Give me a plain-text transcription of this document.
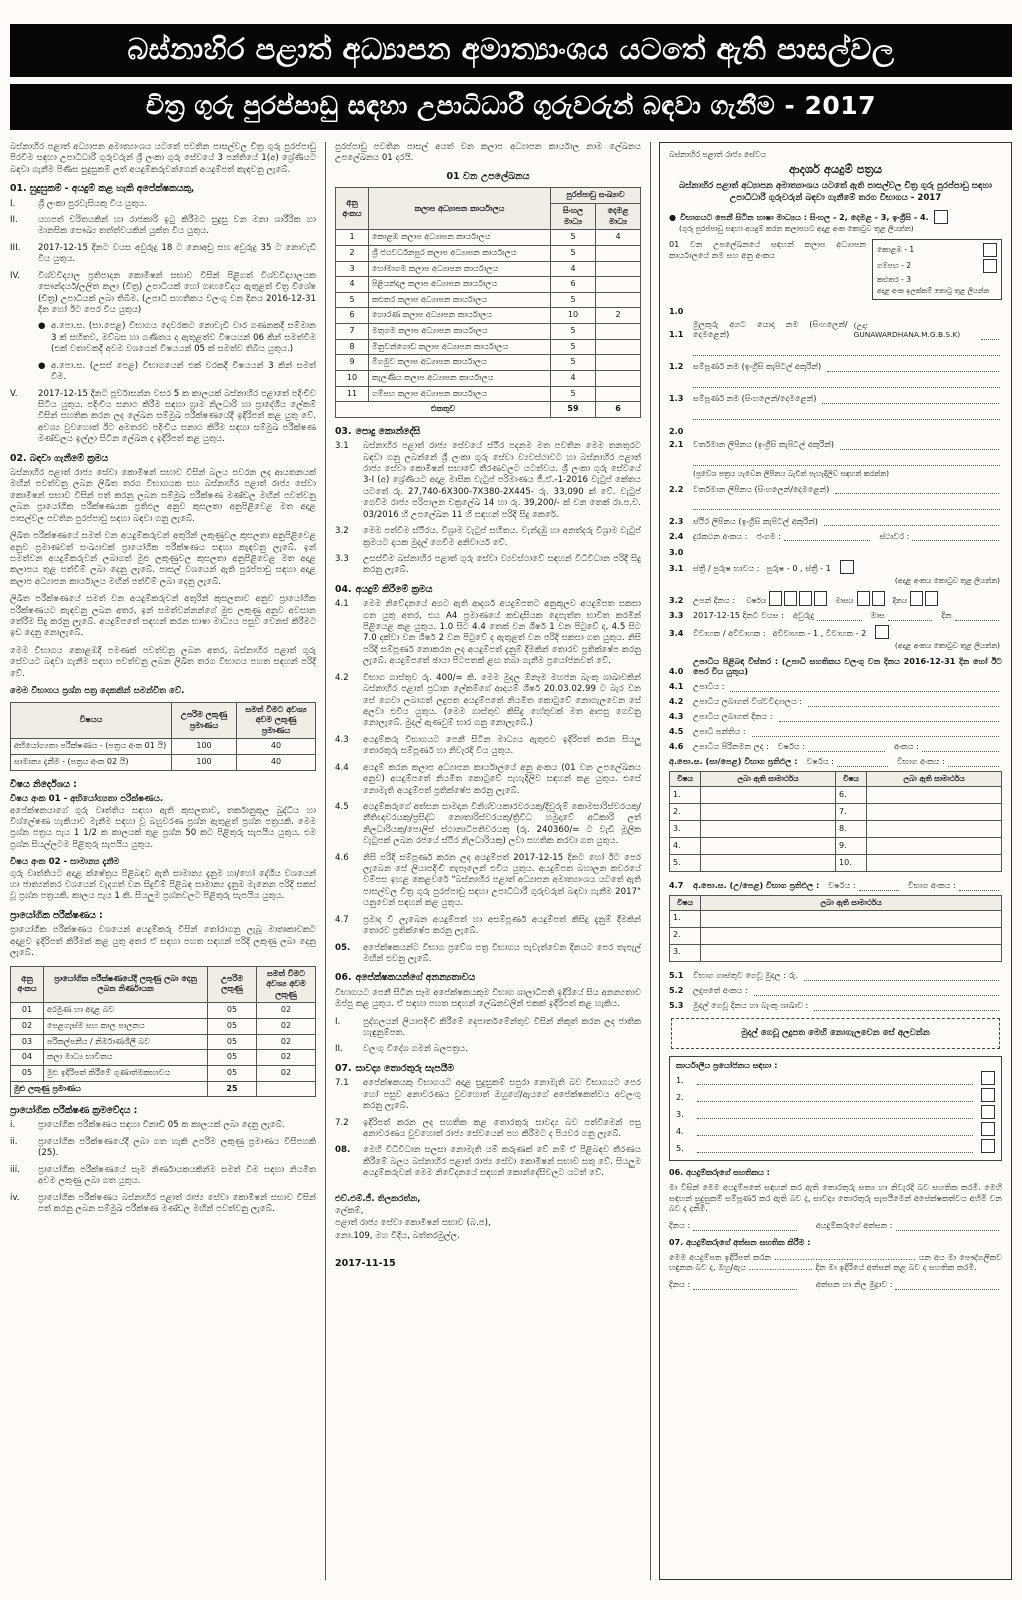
බස්නාහිර පළාත් අධ්‍යාපන අමාත්‍යාංශය යටතේ ඇති පාසල්වල
චිත්‍ර ගුරු පුරප්පාඩු සඳහා උපාධිධාරී ගුරුවරුන් බඳවා ගැනීම - 2017

බස්නාහිර පළාත් අධ්‍යාපන අමාත්‍යාංශය යටතේ පවතින පාසල්වල චිත්‍ර ගුරු පුරප්පාඩු පිරවීම සඳහා උපාධිධාරී ගුරුවරුන් ශ්‍රී ලංකා ගුරු සේවයේ 3 පන්තියේ 1(අ) ශ්‍රේණියට බඳවා ගැනීම පිණිස සුදුසුකම් ලත් අයදුම්කරුවන්ගෙන් අයදුම්පත් කැඳවනු ලැබේ.

01. සුදුසුකම් - අයදුම් කළ හැකි අපේක්ෂකයකු,
I.	ශ්‍රී ලංකා පුරවැසියකු විය යුතුය.
II.	යහපත් චරිතයකින් හා රාජකාරි ඉටු කිරීමට සුදුසු වන මනා ශාරීරික හා මානසික සෞඛ්‍ය තත්ත්වයකින් යුක්ත විය යුතුය.
III.	2017-12-15 දිනට වයස අවුරුදු 18 ට නොඅඩු සහ අවුරුදු 35 ට නොවැඩි විය යුතුය.
IV.	විශ්වවිද්‍යාල ප්‍රතිපාදන කොමිෂන් සභාව විසින් පිළිගත් විශ්වවිද්‍යාලයක සෞන්දර්ය/ලලිත කලා (චිත්‍ර) උපාධියක් හෝ ගෘහවේදය ඇතුළත් චිත්‍ර විශේෂ (චිත්‍ර) උපාධියක් ලබා තිබීම. (උපාධි සහතිකය වලංගු වන දිනය 2016-12-31 දින හෝ ඊට පෙර විය යුතුය)
● අ.පො.ස. (සා.පෙළ) විභාගය දෙවරකට නොවැඩි වාර ගණනකදී සම්මාන 3 ක් සහිතව, මව්බස හා ගණිතය ද ඇතුළත්ව විෂයයන් 06 කින් සමත්වීම (එක් වතාවකදී අවම වශයෙන් විෂයයන් 05 ක් සමත්ව තිබිය යුතුය.)
● අ.පො.ස. (උසස් පෙළ) විභාගයෙන් එක් වරකදී විෂයයන් 3 කින් සමත් වීම.
V.	2017-12-15 දිනට පූර්වාසන්න වසර 5 ක කාලයක් බස්නාහිර පළාතේ පදිංචිව සිටිය යුතුය. පදිංචිය සනාථ කිරීම සඳහා ග්‍රාම නිලධාරි හා ප්‍රාදේශීය ලේකම් විසින් සහතික කරන ලද ලේඛන සම්මුඛ පරීක්ෂණයේදී ඉදිරිපත් කළ යුතු වේ. අවශ්‍ය වුවහොත් ඊට අමතරව පදිංචිය සනාථ කිරීම සඳහා සම්මුඛ පරීක්ෂණ මණ්ඩලය ඉල්ලා සිටින ලේඛන ද ඉදිරිපත් කළ යුතුය.
02. බඳවා ගැනීමේ ක්‍රමය

බස්නාහිර පළාත් රාජ්‍ය සේවා කොමිෂන් සභාව විසින් බලය පවරන ලද ආයතනයක් මඟින් පවත්වනු ලබන ලිඛිත තරග විභාගයක සහ බස්නාහිර පළාත් රාජ්‍ය සේවා කොමිෂන් සභාව විසින් පත් කරනු ලබන සම්මුඛ පරීක්ෂණ මණ්ඩල මඟින් පවත්වනු ලබන ප්‍රායෝගික පරීක්ෂණයක ප්‍රතිඵල අනුව කුසලතා අනුපිළිවෙළ මත අදාළ පාසල්වල පවතින පුරප්පාඩු සඳහා බඳවා ගනු ලැබේ.

ලිඛිත පරීක්ෂණයේ සමත් වන අයදුම්කරුවන් අතුරින් ලකුණුවල කුසලතා අනුපිළිවෙළ අනුව ප්‍රමාණවත් සංඛ්‍යාවක් ප්‍රායෝගික පරීක්ෂණය සඳහා කැඳවනු ලැබේ. ඉන් සමත්වන අයදුම්කරුවන් ලබාගත් මුළු ලකුණුවල කුසලතා අනුපිළිවෙළ මත අදාළ කලාපය තුළ පත්වීම් ලබා දෙනු ලැබේ. පාසල් වශයෙන් ඇති පුරප්පාඩු සඳහා අදාළ කලාප අධ්‍යාපන කාර්යාලය මඟින් පත්වීම් ලබා දෙනු ලැබේ.

ලිඛිත පරීක්ෂණයේ සමත් වන අයදුම්කරුවන් අතුරින් කුසලතාව අනුව ප්‍රායෝගික පරීක්ෂණයට කැඳවනු ලබන අතර, ඉන් සමත්වන්නන්ගේ මුළු ලකුණු අනුව අවසාන තේරීම සිදු කරනු ලැබේ. අයදුම්පතේ සඳහන් කරන භාෂා මාධ්‍යය පසුව වෙනස් කිරීමට ඉඩ දෙනු නොලැබේ.

මෙම විභාගය කොළඹදී පමණක් පවත්වනු ලබන අතර, බස්නාහිර පළාත් ගුරු සේවයට බඳවා ගැනීම සඳහා පවත්වනු ලබන ලිඛිත තරග විභාගය පහත සඳහන් පරිදි වේ.

මෙම විභාගය ප්‍රශ්න පත්‍ර දෙකකින් සමන්විත වේ.
විෂයය	උපරිම ලකුණු ප්‍රමාණය	සමත් වීමට අවශ්‍ය අවම ලකුණු ප්‍රමාණය
අභියෝග්‍යතා පරීක්ෂණය - (පත්‍රය අංක 01 යි)	100	40
සාමාන්‍ය දැනීම - (පත්‍රය අංක 02 යි)	100	40
විෂය නිර්දේශය :
විෂය අංක 01 - අභියෝග්‍යතා පරීක්ෂණය.

අපේක්ෂකයාගේ ගුරු වෘත්තිය සඳහා ඇති කුසලතාව, තර්කානුකූල බුද්ධිය හා විශ්ලේෂණ හැකියාව මැනීම සඳහා වූ බහුවරණ ප්‍රශ්න ඇතුළත් ප්‍රශ්න පත්‍රයකි. මෙම ප්‍රශ්න පත්‍රය පැය 1 1/2 ක කාලයක් තුළ ප්‍රශ්න 50 කට පිළිතුරු සැපයිය යුතුය. එම ප්‍රශ්න සියල්ලටම පිළිතුරු සැපයිය යුතුය.

විෂය අංක 02 - සාමාන්‍ය දැනීම

ගුරු වෘත්තියට අදාළ ක්ෂේත්‍රය පිළිබඳව ඇති සාමාන්‍ය දැනුම හා/හෝ දේශීය වශයෙන් හා ජාත්‍යන්තර වශයෙන් වැදගත් වන සිදුවීම් පිළිබඳ සාමාන්‍ය දැනුම මැනෙන පරිදි සකස් වූ ප්‍රශ්න පත්‍රයකි. කාලය පැය 1 කි. සියලුම ප්‍රශ්නවලට පිළිතුරු සැපයිය යුතුය.

ප්‍රායෝගික පරීක්ෂණය :

ප්‍රායෝගික පරීක්ෂණය වශයෙන් අයදුම්කරු විසින් තෝරාගනු ලැබූ මාතෘකාවකට අදාළව ඉදිරිපත් කිරීමක් කළ යුතු අතර ඒ සඳහා පහත සඳහන් පරිදි ලකුණු ලබා දෙනු ලැබේ.

අනු අංකය	ප්‍රායෝගික පරීක්ෂණයේදී ලකුණු ලබා දෙනු ලබන නිර්ණායක	උපරිම ලකුණු	සමත් වීමට අවශ්‍ය අවම ලකුණු
01	අරමුණ හා අදාළ බව	05	02
02	පෙළගැස්ම සහ කාල පාලනය	05	02
03	පරිකල්පනීය / නිර්මාණශීලී බව	05	02
04	කලා මාධ්‍ය භාවිතය	05	02
05	මුළු ඉදිරිපත් කිරීමේ ගුණාත්මකභාවය	05	02
මුළු ලකුණු ප්‍රමාණය		25	
ප්‍රායෝගික පරීක්ෂණ ක්‍රමවේදය :
i.	ප්‍රායෝගික පරීක්ෂණය සඳහා විනාඩි 05 ක කාලයක් ලබා දෙනු ලැබේ.
ii.	ප්‍රායෝගික පරීක්ෂණයේදී ලබා ගත හැකි උපරිම ලකුණු ප්‍රමාණය විසිපහකි (25).
iii.	ප්‍රායෝගික පරීක්ෂණයේ සෑම නිර්ණායකයකින්ම සමත් වීම සඳහා නියමිත අවම ලකුණු ලබා ගත යුතුය.
iv.	ප්‍රායෝගික පරීක්ෂණය බස්නාහිර පළාත් රාජ්‍ය සේවා කොමිෂන් සභාව විසින් පත් කරනු ලබන සම්මුඛ පරීක්ෂණ මණ්ඩල මඟින් පවත්වනු ලැබේ.

පුරප්පාඩු පවතින පාසල් අයත් වන කලාප අධ්‍යාපන කාර්යාල නාම ලේඛනය උපලේඛනය 01 දරයි.

01 වන උපලේඛනය
අනු අංකය	කලාප අධ්‍යාපන කාර්යාලය	පුරප්පාඩු සංඛ්‍යාව	
		සිංහල මාධ්‍ය	දෙමළ මාධ්‍ය
1	කොළඹ කලාප අධ්‍යාපන කාර්යාලය	5	4
2	ශ්‍රී ජයවර්ධනපුර කලාප අධ්‍යාපන කාර්යාලය	5	
3	හෝමාගම කලාප අධ්‍යාපන කාර්යාලය	4	
4	පිළියන්දල කලාප අධ්‍යාපන කාර්යාලය	6	
5	කළුතර කලාප අධ්‍යාපන කාර්යාලය	5	
6	හොරණ කලාප අධ්‍යාපන කාර්යාලය	10	2
7	මතුගම කලාප අධ්‍යාපන කාර්යාලය	5	
8	මිනුවන්ගොඩ කලාප අධ්‍යාපන කාර්යාලය	5	
9	මීගමුව කලාප අධ්‍යාපන කාර්යාලය	5	
10	කැලණිය කලාප අධ්‍යාපන කාර්යාලය	4	
11	ගම්පහ කලාප අධ්‍යාපන කාර්යාලය	5	
එකතුව		59	6
03. පොදු කොන්දේසි
3.1	බස්නාහිර පළාත් රාජ්‍ය සේවයේ ස්ථිර පදනම මත පවතින මෙම තනතුරට බඳවා ගනු ලබන්නේ ශ්‍රී ලංකා ගුරු සේවා ව්‍යවස්ථාවට හා බස්නාහිර පළාත් රාජ්‍ය සේවා කොමිෂන් සභාවේ තීරණවලට යටත්වය. ශ්‍රී ලංකා ගුරු සේවයේ 3-I (අ) ශ්‍රේණියට අදාළ මාසික වැටුප් පරිමාණය ජී.ඒ.-1-2016 වැටුප් කේතය යටතේ රු. 27,740-6X300-7X380-2X445- රු. 33,090 ක් වේ. වැටුප් ගෙවීම රාජ්‍ය පරිපාලන චක්‍රලේඛ 14 හා රු. 39,200/- ක් වන තෙක් රා.ප.ච. 03/2016 හි උපලේඛන 11 හි සඳහන් පරිදි සිදු කෙරේ.
3.2	මෙම පත්වීම ස්ථිරය. විශ්‍රාම වැටුප් සහිතය. වැන්දඹු හා අනත්දරු විශ්‍රාම වැටුප් ක්‍රමයට දායක මුදල් ගෙවීම අනිවාර්ය වේ.
3.3	උසස්වීම බස්නාහිර පළාත් ගුරු සේවා ව්‍යවස්ථාවේ සඳහන් විධිවිධාන පරිදි සිදු කරනු ලැබේ.
04. අයදුම් කිරීමේ ක්‍රමය
4.1	මෙම නිවේදනයේ අගට ඇති ආදර්ශ අයදුම්පතට අනුකූලව අයදුම්පත සකසා ගත යුතු අතර, එය A4 ප්‍රමාණයේ කඩදාසියක දෙපැත්ත භාවිත කරමින් පිළියෙළ කළ යුතුය. 1.0 සිට 4.4 තෙක් වන ශීර්ෂ 1 වන පිටුවේ ද, 4.5 සිට 7.0 දක්වා වන ශීර්ෂ 2 වන පිටුවේ ද ඇතුළත් වන පරිදි සකසා ගත යුතුය. නිසි පරිදි සම්පූර්ණ නොකරන ලද අයදුම්පත් දැනුම් දීමකින් තොරව ප්‍රතික්ෂේප කරනු ලැබේ. අයදුම්පතේ ඡායා පිටපතක් ළඟ තබා ගැනීම ප්‍රයෝජනවත් වේ.
4.2	විභාග ගාස්තුව රු. 400/= කි. මෙම මුදල ඕනෑම මහජන බැංකු ශාඛාවකින් බස්නාහිර පළාත් ප්‍රධාන ලේකම්ගේ ආදායම් ශීර්ෂ 20.03.02.99 ට බැර වන සේ ගෙවා ලබාගත් ලදුපත අයදුම්පතේ නියමිත කොටුවේ නොගැලවෙන සේ අලවා එවිය යුතුය. (මෙම ගාස්තුව කිසිදු හේතුවක් මත ආපසු ගෙවනු නොලැබේ. මුදල් ඇණවුම් භාර ගනු නොලැබේ.)
4.3	අයදුම්කරු විභාගයට පෙනී සිටින මාධ්‍යය ඇතුළුව ඉදිරිපත් කරන සියලු තොරතුරු සම්පූර්ණ හා නිවැරදි විය යුතුය.
4.4	අයදුම් කරන කලාප අධ්‍යාපන කාර්යාලයේ අනු අංකය (01 වන උපලේඛනය අනුව) අයදුම්පතේ නියමිත කොටුවේ පැහැදිලිව සඳහන් කළ යුතුය. එසේ නොමැති අයදුම්පත් ප්‍රතික්ෂේප කරනු ලැබේ.
4.5	අයදුම්කරුගේ අත්සන සාමදාන විනිශ්චයකාරවරයකු/දිවුරුම් කොමසාරිස්වරයකු/නීතිඥවරයකු/ප්‍රසිද්ධ නොතාරිස්වරයකු/ත්‍රිවිධ හමුදාවේ අධිකාරි ලත් නිලධාරියකු/පොලිස් ස්ථානාධිපතිවරයකු (රු. 240360/= ට වැඩි මූලික වැටුපක් ලබන රජයේ ස්ථිර නිලධාරියකු) ලවා සහතික කරවා ගත යුතුය.
4.6	නිසි පරිදි සම්පූර්ණ කරන ලද අයදුම්පත් 2017-12-15 දිනට හෝ ඊට පෙර ලැබෙන සේ ලියාපදිංචි තැපෑලෙන් එවිය යුතුය. අයදුම්පත බහාලන කවරයේ වම්පස ඉහළ කෙළවරේ "බස්නාහිර පළාත් අධ්‍යාපන අමාත්‍යාංශය යටතේ ඇති පාසල්වල චිත්‍ර ගුරු පුරප්පාඩු සඳහා උපාධිධාරී ගුරුවරුන් බඳවා ගැනීම 2017" යනුවෙන් සඳහන් කළ යුතුය.
4.7	ප්‍රමාද වී ලැබෙන අයදුම්පත් හා අසම්පූර්ණ අයදුම්පත් කිසිදු දැනුම් දීමකින් තොරව ප්‍රතික්ෂේප කරනු ලැබේ.
05.	අපේක්ෂකයන්ට විභාග ප්‍රවේශ පත්‍ර විභාගය පැවැත්වෙන දිනයට පෙර තැපැල් මඟින් එවනු ලැබේ.
06. අපේක්ෂකයන්ගේ අනන්‍යතාවය

විභාගයට පෙනී සිටින සෑම අපේක්ෂකයකුම විභාග ශාලාධිපති ඉදිරියේ සිය අනන්‍යතාව ඔප්පු කළ යුතුය. ඒ සඳහා පහත සඳහන් ලේඛනවලින් එකක් ඉදිරිපත් කළ හැකිය.

I.	පුද්ගලයන් ලියාපදිංචි කිරීමේ දෙපාර්තමේන්තුව විසින් නිකුත් කරන ලද ජාතික හැඳුනුම්පත.
II.	වලංගු විදේශ ගමන් බලපත්‍රය.
07. සාවද්‍ය තොරතුරු සැපයීම
7.1	අපේක්ෂකයකු විභාගයට අදාළ සුදුසුකම් සපුරා නොමැති බව විභාගයට පෙර හෝ පසුව අනාවරණය වුවහොත් ඔහුගේ/ඇයගේ අපේක්ෂකත්වය අවලංගු කරනු ලැබේ.
7.2	ඉදිරිපත් කරන ලද සහතික කළ තොරතුරු සාවද්‍ය බව පත්වීමෙන් පසු අනාවරණය වුවහොත් රාජ්‍ය සේවයෙන් පහ කිරීමට ද පියවර ගනු ලැබේ.
08.	මෙහි විධිවිධාන සලසා නොමැති යම් කරුණක් වේ නම් ඒ පිළිබඳව තීරණය කිරීමේ බලය බස්නාහිර පළාත් රාජ්‍ය සේවා කොමිෂන් සභාව සතු වේ. සියලුම අයදුම්කරුවන් මෙම නිවේදනයේ සඳහන් කොන්දේසිවලට යටත් වේ.
එච්.එම්.ජී. තිලකරත්න,
ලේකම්,
පළාත් රාජ්‍ය සේවා කොමිෂන් සභාව (බ.ප),
නො.109, මහ වීදිය, බත්තරමුල්ල.
2017-11-15
බස්නාහිර පළාත් රාජ්‍ය සේවය
ආදර්ශ අයදුම් පත්‍රය
බස්නාහිර පළාත් අධ්‍යාපන අමාත්‍යාංශය යටතේ ඇති පාසල්වල චිත්‍ර ගුරු පුරප්පාඩු සඳහා උපාධිධාරී ගුරුවරුන් බඳවා ගැනීමේ තරග විභාගය - 2017
● විභාගයට පෙනී සිටින භාෂා මාධ්‍යය : සිංහල - 2, දෙමළ - 3, ඉංග්‍රීසි - 4.
(ගුරු පුරප්පාඩු සඳහා අයදුම් කරන කලාපයට අදාළ අංක කොටුව තුළ ලියන්න)
01 වන උපලේඛනයේ සඳහන් කලාප අධ්‍යාපන කාර්යාලයේ නම සහ අනු අංකය
කොළඹ - 1
ගම්පහ - 2
කළුතර - 3
අදාළ අංක ඉලක්කම් කොටු තුළ ලියන්න
1.0
1.1
මුලකුරු අගට යොදා නම (සිංහලෙන්/දෙමළෙන්)
(උදා: GUNAWARDHANA.M.G.B.S.K)
1.2	සම්පූර්ණ නම (ඉංග්‍රීසි කැපිටල් අකුරින්)
1.3	සම්පූර්ණ නම (සිංහලෙන්/දෙමළෙන්)
2.0
2.1	වර්තමාන ලිපිනය (ඉංග්‍රීසි කැපිටල් අකුරින්)
(ප්‍රවේශ පත්‍රය යැවෙන ලිපිනය බැවින් පැහැදිලිව සඳහන් කරන්න)
2.2	වර්තමාන ලිපිනය (සිංහලෙන්/දෙමළෙන්)
2.3	ස්ථිර ලිපිනය (ඉංග්‍රීසි කැපිටල් අකුරින්)
2.4	දුරකථන අංකය : ජංගම :	ස්ථාවර :
3.0
3.1	ස්ත්‍රී / පුරුෂ භාවය : පුරුෂ - 0 , ස්ත්‍රී - 1
(අදාළ අංකය කොටුව තුළ ලියන්න)
3.2	උපන් දිනය : වර්ෂය	මාසය	දිනය
3.3	2017-12-15 දිනට වයස : අවුරුදු	මාස	දින
3.4	විවාහක / අවිවාහක : අවිවාහක - 1 , විවාහක - 2
(අදාළ අංකය කොටුව තුළ ලියන්න)
4.0
උපාධිය පිළිබඳ විස්තර : (උපාධි සහතිකය වලංගු වන දිනය 2016-12-31 දින හෝ ඊට පෙර විය යුතුය)
4.1	උපාධිය :
4.2	උපාධිය ලබාගත් විශ්වවිද්‍යාලය :
4.3	උපාධිය ලබාගත් දිනය :
4.5	උපාධි පන්තිය :
4.6	උපාධිය පිරිනමන ලද : වර්ෂය :	අංකය :
අ.පො.ස. (සා/පෙළ) විභාග ප්‍රතිඵල : වර්ෂය :	විභාග අංකය :
විෂය	ලබා ඇති සාමාර්ථය	විෂය	ලබා ඇති සාමාර්ථය
1.		6.	
2.		7.	
3.		8.	
4.		9.	
5.		10.	
4.7	අ.පො.ස. (උ/පෙළ) විභාග ප්‍රතිඵල : වර්ෂය :	විභාග අංකය :
විෂය	ලබා ඇති සාමාර්ථය
1.	
2.	
3.	
5.1	විභාග ගාස්තුව ගෙවූ මුදල : රු.
5.2	ලදුපතේ අංකය :
5.3	මුදල් ගෙවූ දිනය හා බැංකු ශාඛාව :
මුදල් ගෙවූ ලදුපත මෙහි නොගැලවෙන සේ අලවන්න
කාර්යාලීය ප්‍රයෝජනය සඳහා :
1.
2.
3.
4.
5.
06. අයදුම්කරුගේ සහතිකය :

මා විසින් මෙම අයදුම්පතේ සඳහන් කර ඇති තොරතුරු සත්‍ය හා නිවැරදි බව සහතික කරමි. මෙහි සඳහන් සුදුසුකම් සම්පූර්ණ කර ඇති බව ද, සාවද්‍ය තොරතුරු සැපයීමෙන් අපේක්ෂකත්වය අහිමි වන බව ද දනිමි.

දිනය :	අයදුම්කරුගේ අත්සන :
07. අයදුම්කරුගේ අත්සන සහතික කිරීම :

මෙම අයදුම්පත ඉදිරිපත් කරන ....................................................... යන අය මා පෞද්ගලිකව හඳුනන බව ද, ඔහු/ඇය ......................... දින මා ඉදිරියේ අත්සන් කළ බව ද සහතික කරමි.

දිනය :	අත්සන හා නිල මුද්‍රාව :
